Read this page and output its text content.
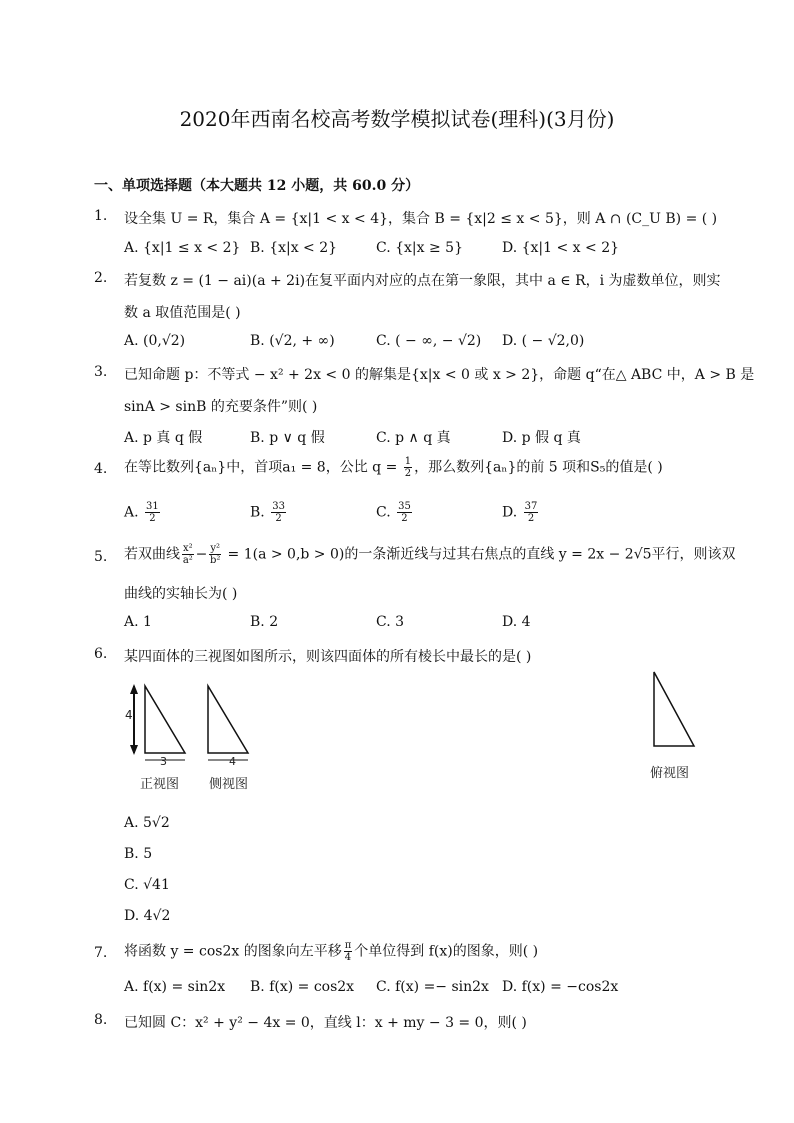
2020年西南名校高考数学模拟试卷(理科)(3月份)
一、单项选择题（本大题共 12 小题，共 60.0 分）
1. 设全集 U = R，集合 A = {x|1 < x < 4}，集合 B = {x|2 ≤ x < 5}，则 A ∩ (C_U B) = ( )
A. {x|1 ≤ x < 2} B. {x|x < 2}	C. {x|x ≥ 5}	D. {x|1 < x < 2}
2. 若复数 z = (1 − ai)(a + 2i)在复平面内对应的点在第一象限，其中 a ∈ R，i 为虚数单位，则实
数 a 取值范围是( )
A. (0,√2)	B. (√2, + ∞)	C. ( − ∞, − √2) D. ( − √2,0)
3. 已知命题 p：不等式 − x² + 2x < 0 的解集是{x|x < 0 或 x > 2}，命题 q“在△ ABC 中，A > B 是
sinA > sinB 的充要条件”则( )
A. p 真 q 假	B. p ∨ q 假	C. p ∧ q 真	D. p 假 q 真
4. 在等比数列{aₙ}中，首项a₁ = 8，公比 $q = \frac{1}{2}$ ，那么数列{aₙ}的前 5 项和S₅的值是( )
A. $\frac{31}{2}$	B. $\frac{33}{2}$	C. $\frac{35}{2}$	D. $\frac{37}{2}$
5. 若双曲线 $\frac{\text{x²}}{\text{a²}} - \frac{\text{y²}}{\text{b²}} = 1(a > 0,b > 0)$的一条渐近线与过其右焦点的直线 y = 2x − 2√5平行，则该双
曲线的实轴长为( )
A. 1	B. 2	C. 3	D. 4
6. 某四面体的三视图如图所示，则该四面体的所有棱长中最长的是( )
4
3	4
正视图 侧视图
俯视图
A. 5√2
B. 5
C. √41
D. 4√2
7. 将函数 y = cos2x 的图象向左平移 $\frac{\pi}{4}$ 个单位得到 f(x)的图象，则( )
A. f(x) = sin2x B. f(x) = cos2x C. f(x) =− sin2x D. f(x) = −cos2x
8. 已知圆 C：x² + y² − 4x = 0，直线 l：x + my − 3 = 0，则( )
